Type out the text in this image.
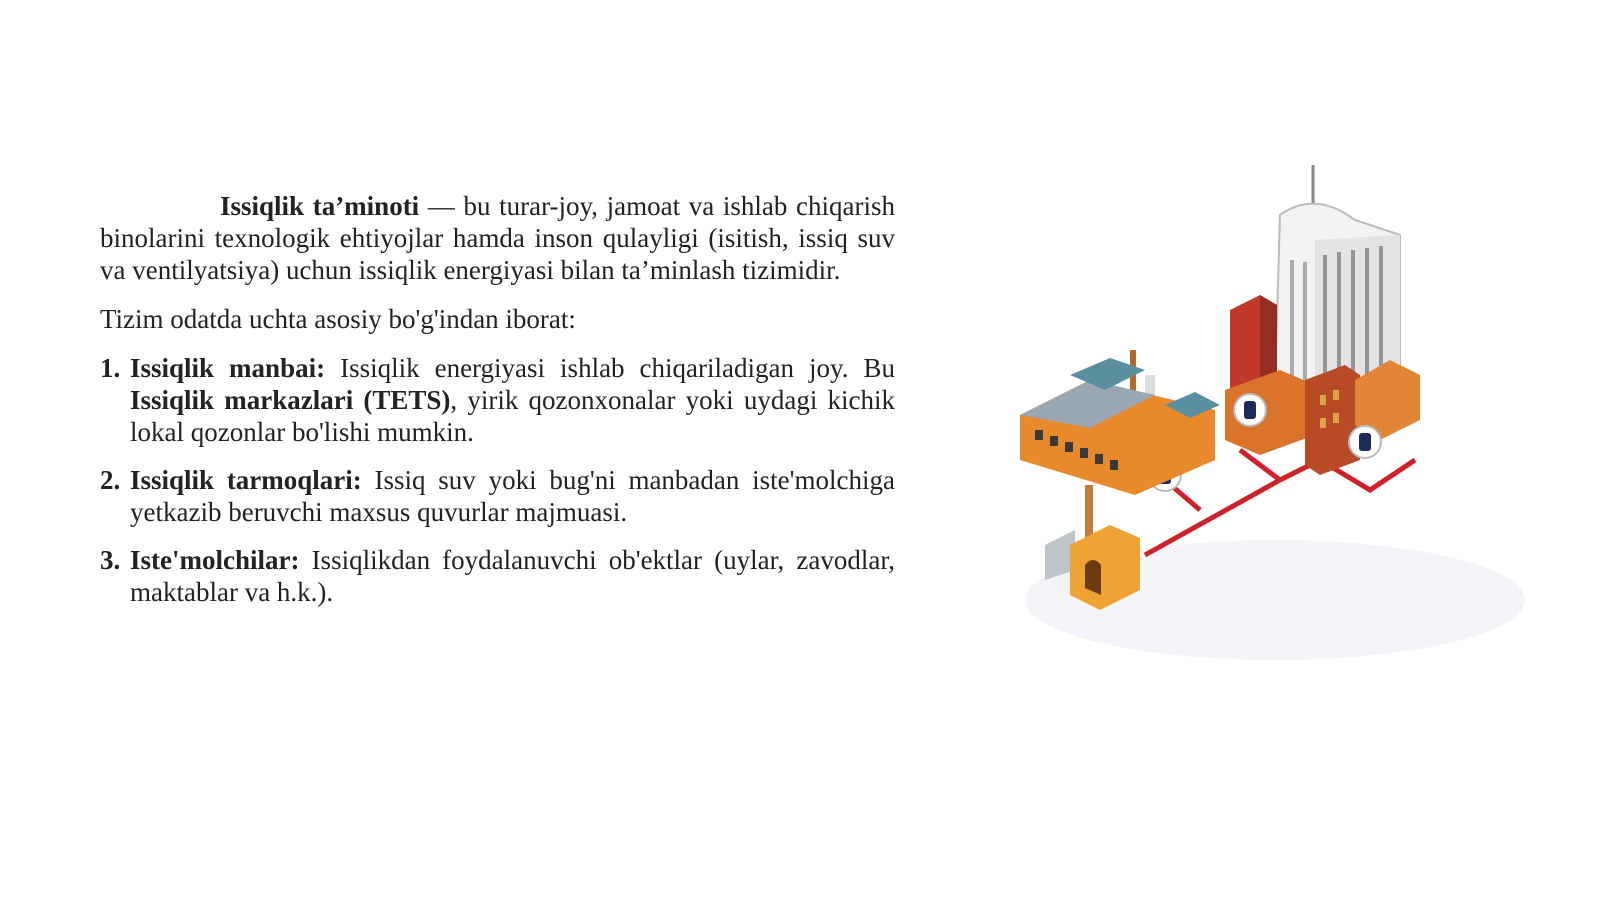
Issiqlik ta’minoti — bu turar-joy, jamoat va ishlab chiqarish binolarini texnologik ehtiyojlar hamda inson qulayligi (isitish, issiq suv va ventilyatsiya) uchun issiqlik energiyasi bilan ta’minlash tizimidir.

Tizim odatda uchta asosiy bo'g'indan iborat:

1. Issiqlik manbai: Issiqlik energiyasi ishlab chiqariladigan joy. Bu Issiqlik markazlari (TETS), yirik qozonxonalar yoki uydagi kichik lokal qozonlar bo'lishi mumkin.
2. Issiqlik tarmoqlari: Issiq suv yoki bug'ni manbadan iste'molchiga yetkazib beruvchi maxsus quvurlar majmuasi.
3. Iste'molchilar: Issiqlikdan foydalanuvchi ob'ektlar (uylar, zavodlar, maktablar va h.k.).
